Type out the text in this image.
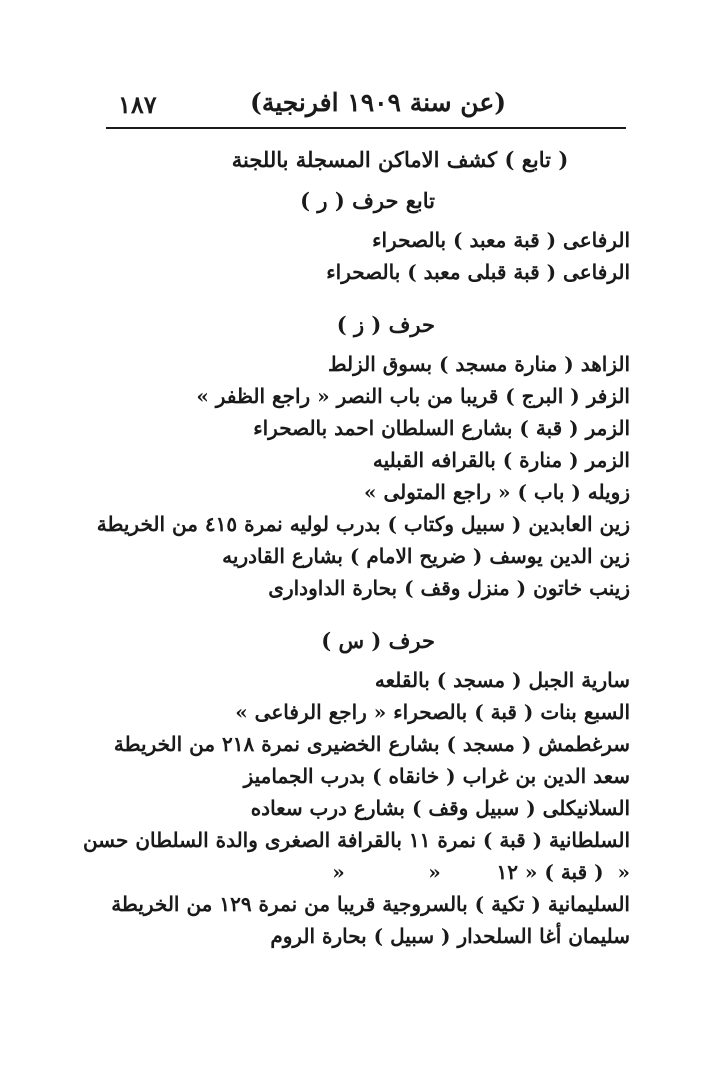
١٨٧	(عن سنة ١٩٠٩ افرنجية)
( تابع ) كشف الاماكن المسجلة باللجنة
تابع حرف ( ر )
الرفاعى ( قبة معبد ) بالصحراء
الرفاعى ( قبة قبلى معبد ) بالصحراء
حرف ( ز )
الزاهد ( منارة مسجد ) بسوق الزلط
الزفر ( البرج ) قريبا من باب النصر « راجع الظفر »
الزمر ( قبة ) بشارع السلطان احمد بالصحراء
الزمر ( منارة ) بالقرافه القبليه
زويله ( باب ) « راجع المتولى »
زين العابدين ( سبيل وكتاب ) بدرب لوليه نمرة ٤١٥ من الخريطة
زين الدين يوسف ( ضريح الامام ) بشارع القادريه
زينب خاتون ( منزل وقف ) بحارة الداودارى
حرف ( س )
سارية الجبل ( مسجد ) بالقلعه
السبع بنات ( قبة ) بالصحراء « راجع الرفاعى »
سرغطمش ( مسجد ) بشارع الخضيرى نمرة ٢١٨ من الخريطة
سعد الدين بن غراب ( خانقاه ) بدرب الجماميز
السلانيكلى ( سبيل وقف ) بشارع درب سعاده
السلطانية ( قبة ) نمرة ١١ بالقرافة الصغرى والدة السلطان حسن
«  ( قبة ) « ١٢        «            «
السليمانية ( تكية ) بالسروجية قريبا من نمرة ١٢٩ من الخريطة
سليمان أغا السلحدار ( سبيل ) بحارة الروم
